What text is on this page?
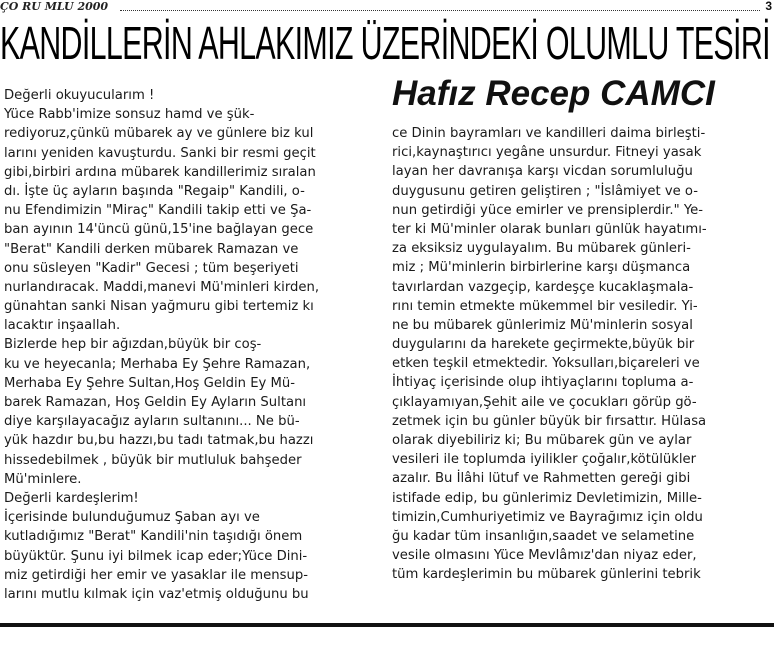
ÇO RU MLU 2000	3
KANDİLLERİN AHLAKIMIZ ÜZERİNDEKİ OLUMLU TESİRİ
Hafız Recep CAMCI
Değerli okuyucularım !
Yüce Rabb'imize sonsuz hamd ve şük-
rediyoruz,çünkü mübarek ay ve günlere biz kul
larını yeniden kavuşturdu. Sanki bir resmi geçit
gibi,birbiri ardına mübarek kandillerimiz sıralan
dı. İşte üç ayların başında "Regaip" Kandili, o-
nu Efendimizin "Miraç" Kandili takip etti ve Şa-
ban ayının 14'üncü günü,15'ine bağlayan gece
"Berat" Kandili derken mübarek Ramazan ve
onu süsleyen "Kadir" Gecesi ; tüm beşeriyeti
nurlandıracak. Maddi,manevi Mü'minleri kirden,
günahtan sanki Nisan yağmuru gibi tertemiz kı
lacaktır inşaallah.
Bizlerde hep bir ağızdan,büyük bir coş-
ku ve heyecanla; Merhaba Ey Şehre Ramazan,
Merhaba Ey Şehre Sultan,Hoş Geldin Ey Mü-
barek Ramazan, Hoş Geldin Ey Ayların Sultanı
diye karşılayacağız ayların sultanını... Ne bü-
yük hazdır bu,bu hazzı,bu tadı tatmak,bu hazzı
hissedebilmek , büyük bir mutluluk bahşeder
Mü'minlere.
Değerli kardeşlerim!
İçerisinde bulunduğumuz Şaban ayı ve
kutladığımız "Berat" Kandili'nin taşıdığı önem
büyüktür. Şunu iyi bilmek icap eder;Yüce Dini-
miz getirdiği her emir ve yasaklar ile mensup-
larını mutlu kılmak için vaz'etmiş olduğunu bu
ce Dinin bayramları ve kandilleri daima birleşti-
rici,kaynaştırıcı yegâne unsurdur. Fitneyi yasak
layan her davranışa karşı vicdan sorumluluğu
duygusunu getiren geliştiren ; "İslâmiyet ve o-
nun getirdiği yüce emirler ve prensiplerdir." Ye-
ter ki Mü'minler olarak bunları günlük hayatımı-
za eksiksiz uygulayalım. Bu mübarek günleri-
miz ; Mü'minlerin birbirlerine karşı düşmanca
tavırlardan vazgeçip, kardeşçe kucaklaşmala-
rını temin etmekte mükemmel bir vesiledir. Yi-
ne bu mübarek günlerimiz Mü'minlerin sosyal
duygularını da harekete geçirmekte,büyük bir
etken teşkil etmektedir. Yoksulları,biçareleri ve
İhtiyaç içerisinde olup ihtiyaçlarını topluma a-
çıklayamıyan,Şehit aile ve çocukları görüp gö-
zetmek için bu günler büyük bir fırsattır. Hülasa
olarak diyebiliriz ki; Bu mübarek gün ve aylar
vesileri ile toplumda iyilikler çoğalır,kötülükler
azalır. Bu İlâhi lütuf ve Rahmetten gereği gibi
istifade edip, bu günlerimiz Devletimizin, Mille-
timizin,Cumhuriyetimiz ve Bayrağımız için oldu
ğu kadar tüm insanlığın,saadet ve selametine
vesile olmasını Yüce Mevlâmız'dan niyaz eder,
tüm kardeşlerimin bu mübarek günlerini tebrik
